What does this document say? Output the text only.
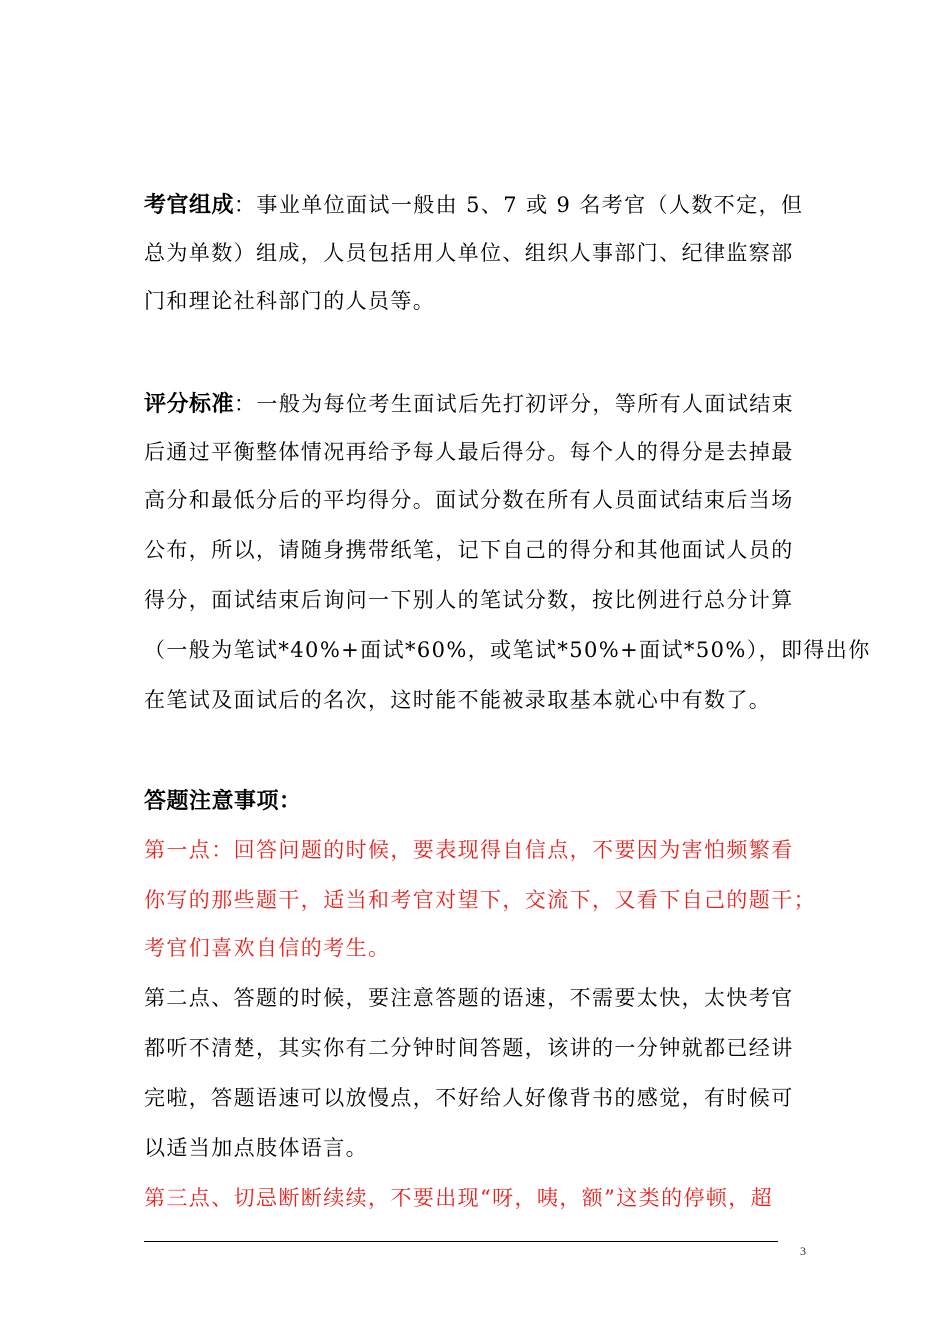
考官组成：事业单位面试一般由 5、7 或 9 名考官（人数不定，但
总为单数）组成，人员包括用人单位、组织人事部门、纪律监察部
门和理论社科部门的人员等。
评分标准：一般为每位考生面试后先打初评分，等所有人面试结束
后通过平衡整体情况再给予每人最后得分。每个人的得分是去掉最
高分和最低分后的平均得分。面试分数在所有人员面试结束后当场
公布，所以，请随身携带纸笔，记下自己的得分和其他面试人员的
得分，面试结束后询问一下别人的笔试分数，按比例进行总分计算
（一般为笔试*40%+面试*60%，或笔试*50%+面试*50%），即得出你
在笔试及面试后的名次，这时能不能被录取基本就心中有数了。
答题注意事项：
第一点：回答问题的时候，要表现得自信点，不要因为害怕频繁看
你写的那些题干，适当和考官对望下，交流下，又看下自己的题干；
考官们喜欢自信的考生。
第二点、答题的时候，要注意答题的语速，不需要太快，太快考官
都听不清楚，其实你有二分钟时间答题，该讲的一分钟就都已经讲
完啦，答题语速可以放慢点，不好给人好像背书的感觉，有时候可
以适当加点肢体语言。
第三点、切忌断断续续，不要出现“呀，咦，额”这类的停顿，超
3
